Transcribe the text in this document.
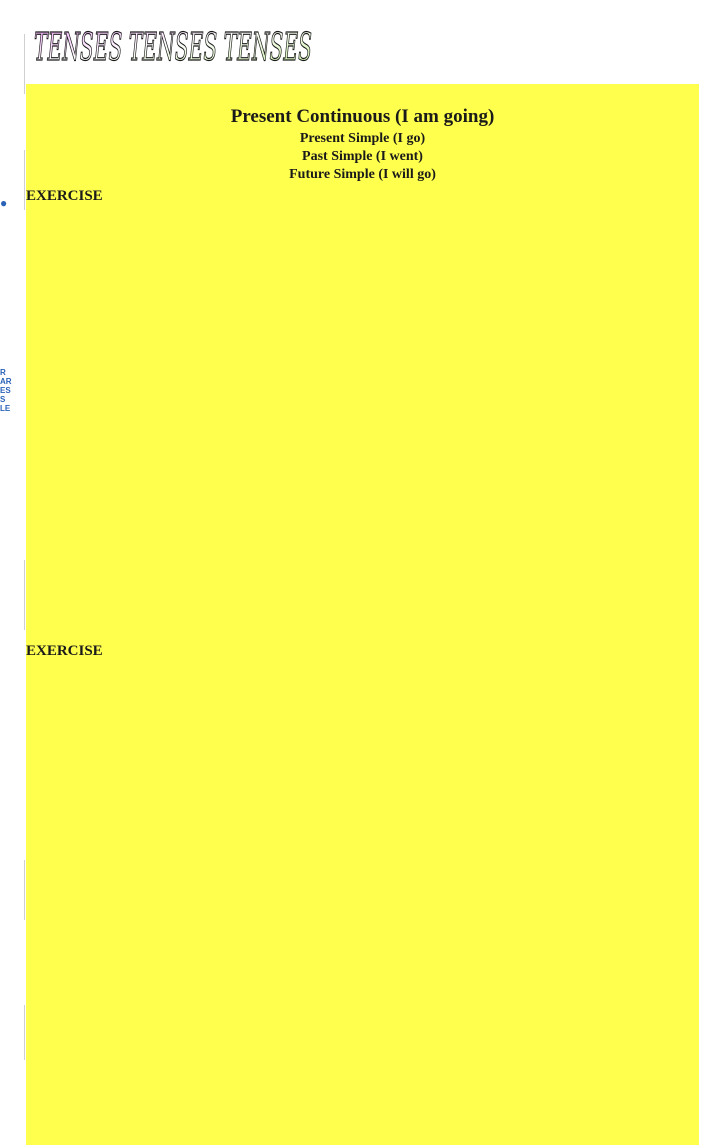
●
R
AR
ES
S
LE
TENSES TENSES TENSES

Present Continuous (I am going)

Present Simple (I go)

Past Simple (I went)

Future Simple (I will go)

EXERCISE

EXERCISE
